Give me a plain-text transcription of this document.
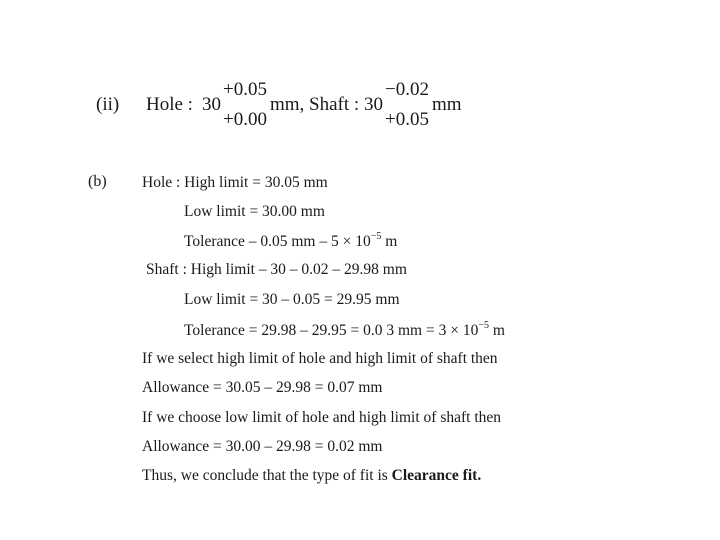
(ii) Hole : 30
+0.05
+0.00
mm, Shaft : 30
−0.02
+0.05
mm
(b) Hole : High limit = 30.05 mm
Low limit = 30.00 mm
Tolerance – 0.05 mm – $5 \times 10^{-5}$ m
Shaft : High limit – 30 – 0.02 – 29.98 mm
Low limit = 30 – 0.05 = 29.95 mm
Tolerance = 29.98 – 29.95 = 0.0 3 mm = $3 \times 10^{-5}$ m
If we select high limit of hole and high limit of shaft then
Allowance = 30.05 – 29.98 = 0.07 mm
If we choose low limit of hole and high limit of shaft then
Allowance = 30.00 – 29.98 = 0.02 mm
Thus, we conclude that the type of fit is Clearance fit.
